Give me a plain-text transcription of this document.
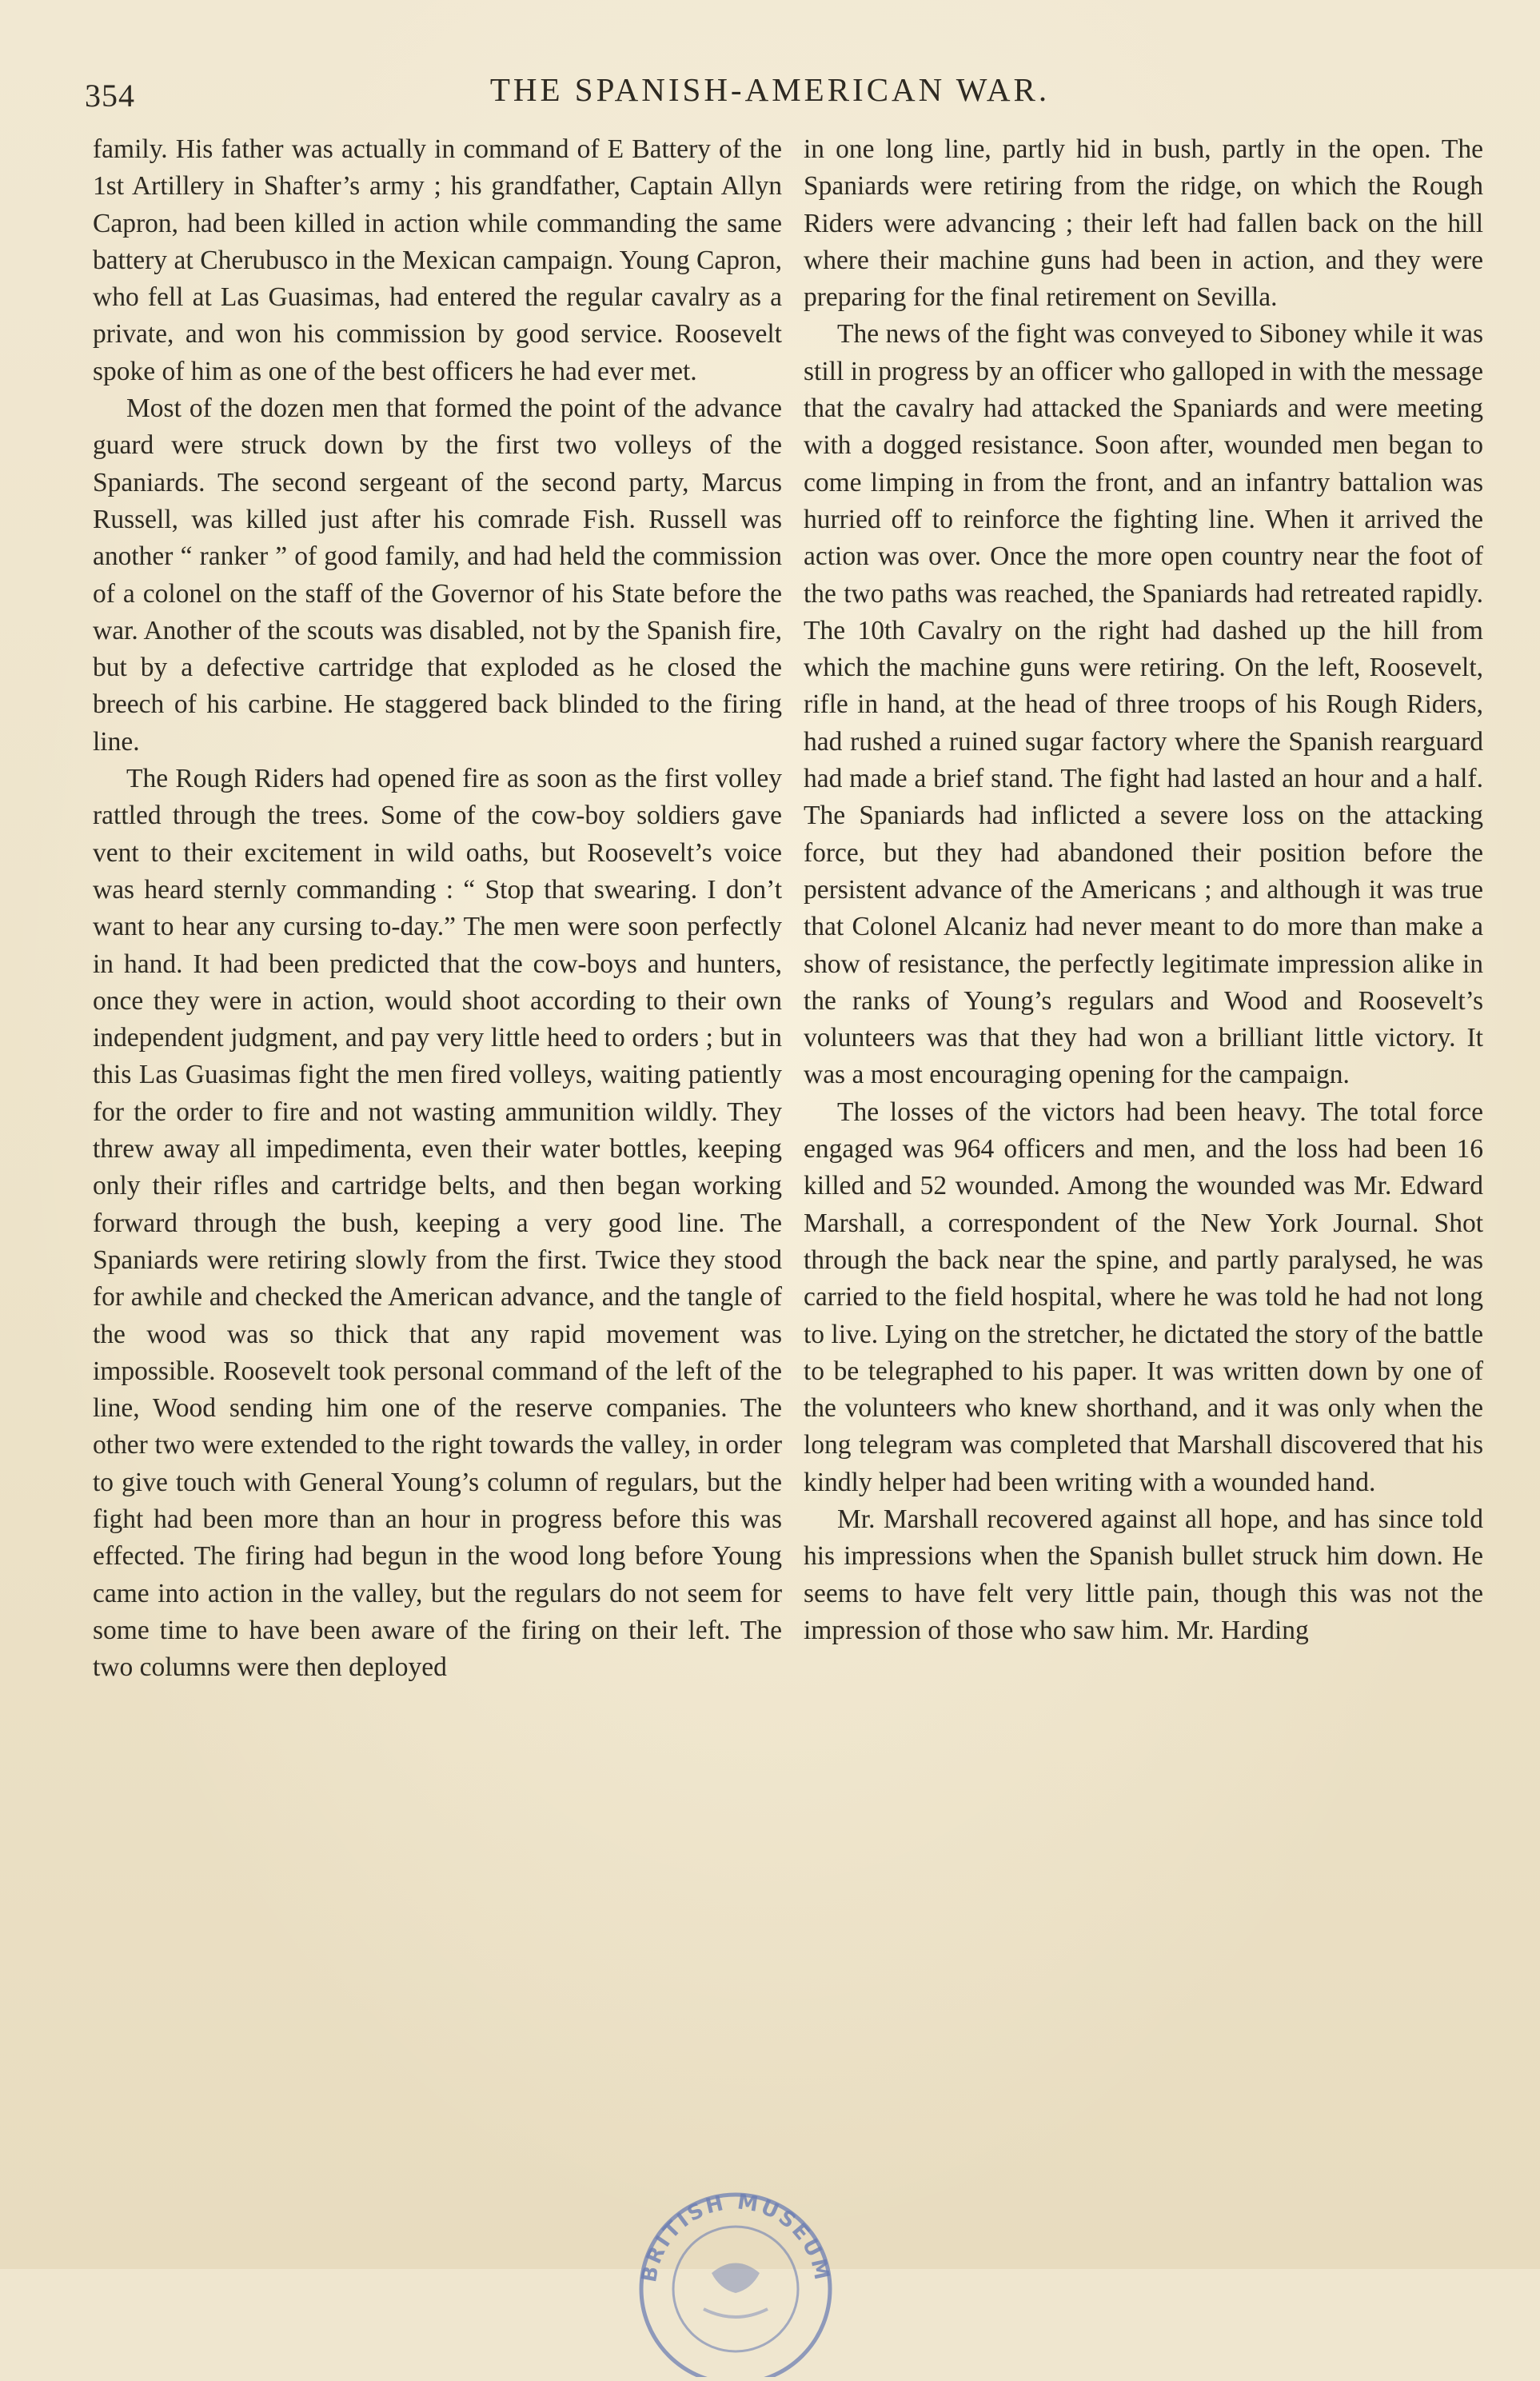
354	THE SPANISH-AMERICAN WAR.

family. His father was actually in command of E Battery of the 1st Artillery in Shafter’s army ; his grandfather, Captain Allyn Capron, had been killed in action while commanding the same battery at Cherubusco in the Mexican campaign. Young Capron, who fell at Las Guasimas, had entered the regular cavalry as a private, and won his commission by good service. Roosevelt spoke of him as one of the best officers he had ever met.

Most of the dozen men that formed the point of the advance guard were struck down by the first two volleys of the Spaniards. The second sergeant of the second party, Marcus Russell, was killed just after his comrade Fish. Russell was another “ ranker ” of good family, and had held the commission of a colonel on the staff of the Governor of his State before the war. Another of the scouts was disabled, not by the Spanish fire, but by a defective cartridge that exploded as he closed the breech of his carbine. He staggered back blinded to the firing line.

The Rough Riders had opened fire as soon as the first volley rattled through the trees. Some of the cow-boy soldiers gave vent to their excitement in wild oaths, but Roosevelt’s voice was heard sternly commanding : “ Stop that swearing. I don’t want to hear any cursing to-day.” The men were soon perfectly in hand. It had been predicted that the cow-boys and hunters, once they were in action, would shoot according to their own independent judgment, and pay very little heed to orders ; but in this Las Guasimas fight the men fired volleys, waiting patiently for the order to fire and not wasting ammunition wildly. They threw away all impedimenta, even their water bottles, keeping only their rifles and cartridge belts, and then began working forward through the bush, keeping a very good line. The Spaniards were retiring slowly from the first. Twice they stood for awhile and checked the American advance, and the tangle of the wood was so thick that any rapid movement was impossible. Roosevelt took personal command of the left of the line, Wood sending him one of the reserve companies. The other two were extended to the right towards the valley, in order to give touch with General Young’s column of regulars, but the fight had been more than an hour in progress before this was effected. The firing had begun in the wood long before Young came into action in the valley, but the regulars do not seem for some time to have been aware of the firing on their left. The two columns were then deployed

in one long line, partly hid in bush, partly in the open. The Spaniards were retiring from the ridge, on which the Rough Riders were advancing ; their left had fallen back on the hill where their machine guns had been in action, and they were preparing for the final retirement on Sevilla.

The news of the fight was conveyed to Siboney while it was still in progress by an officer who galloped in with the message that the cavalry had attacked the Spaniards and were meeting with a dogged resistance. Soon after, wounded men began to come limping in from the front, and an infantry battalion was hurried off to reinforce the fighting line. When it arrived the action was over. Once the more open country near the foot of the two paths was reached, the Spaniards had retreated rapidly. The 10th Cavalry on the right had dashed up the hill from which the machine guns were retiring. On the left, Roosevelt, rifle in hand, at the head of three troops of his Rough Riders, had rushed a ruined sugar factory where the Spanish rearguard had made a brief stand. The fight had lasted an hour and a half. The Spaniards had inflicted a severe loss on the attacking force, but they had abandoned their position before the persistent advance of the Americans ; and although it was true that Colonel Alcaniz had never meant to do more than make a show of resistance, the perfectly legitimate impression alike in the ranks of Young’s regulars and Wood and Roosevelt’s volunteers was that they had won a brilliant little victory. It was a most encouraging opening for the campaign.

The losses of the victors had been heavy. The total force engaged was 964 officers and men, and the loss had been 16 killed and 52 wounded. Among the wounded was Mr. Edward Marshall, a correspondent of the New York Journal. Shot through the back near the spine, and partly paralysed, he was carried to the field hospital, where he was told he had not long to live. Lying on the stretcher, he dictated the story of the battle to be telegraphed to his paper. It was written down by one of the volunteers who knew shorthand, and it was only when the long telegram was completed that Marshall discovered that his kindly helper had been writing with a wounded hand.

Mr. Marshall recovered against all hope, and has since told his impressions when the Spanish bullet struck him down. He seems to have felt very little pain, though this was not the impression of those who saw him. Mr. Harding

BRITISH MUSEUM
